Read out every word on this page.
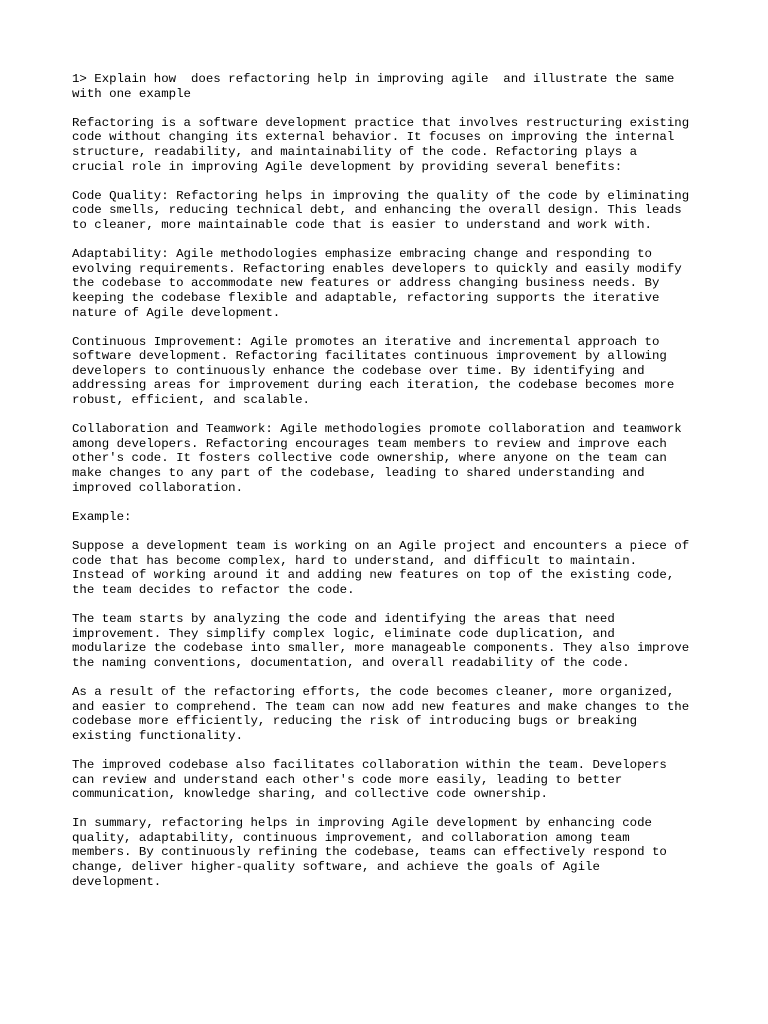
1> Explain how  does refactoring help in improving agile  and illustrate the same
with one example
Refactoring is a software development practice that involves restructuring existing
code without changing its external behavior. It focuses on improving the internal
structure, readability, and maintainability of the code. Refactoring plays a
crucial role in improving Agile development by providing several benefits:
Code Quality: Refactoring helps in improving the quality of the code by eliminating
code smells, reducing technical debt, and enhancing the overall design. This leads
to cleaner, more maintainable code that is easier to understand and work with.
Adaptability: Agile methodologies emphasize embracing change and responding to
evolving requirements. Refactoring enables developers to quickly and easily modify
the codebase to accommodate new features or address changing business needs. By
keeping the codebase flexible and adaptable, refactoring supports the iterative
nature of Agile development.
Continuous Improvement: Agile promotes an iterative and incremental approach to
software development. Refactoring facilitates continuous improvement by allowing
developers to continuously enhance the codebase over time. By identifying and
addressing areas for improvement during each iteration, the codebase becomes more
robust, efficient, and scalable.
Collaboration and Teamwork: Agile methodologies promote collaboration and teamwork
among developers. Refactoring encourages team members to review and improve each
other's code. It fosters collective code ownership, where anyone on the team can
make changes to any part of the codebase, leading to shared understanding and
improved collaboration.
Example:
Suppose a development team is working on an Agile project and encounters a piece of
code that has become complex, hard to understand, and difficult to maintain.
Instead of working around it and adding new features on top of the existing code,
the team decides to refactor the code.
The team starts by analyzing the code and identifying the areas that need
improvement. They simplify complex logic, eliminate code duplication, and
modularize the codebase into smaller, more manageable components. They also improve
the naming conventions, documentation, and overall readability of the code.
As a result of the refactoring efforts, the code becomes cleaner, more organized,
and easier to comprehend. The team can now add new features and make changes to the
codebase more efficiently, reducing the risk of introducing bugs or breaking
existing functionality.
The improved codebase also facilitates collaboration within the team. Developers
can review and understand each other's code more easily, leading to better
communication, knowledge sharing, and collective code ownership.
In summary, refactoring helps in improving Agile development by enhancing code
quality, adaptability, continuous improvement, and collaboration among team
members. By continuously refining the codebase, teams can effectively respond to
change, deliver higher-quality software, and achieve the goals of Agile
development.
